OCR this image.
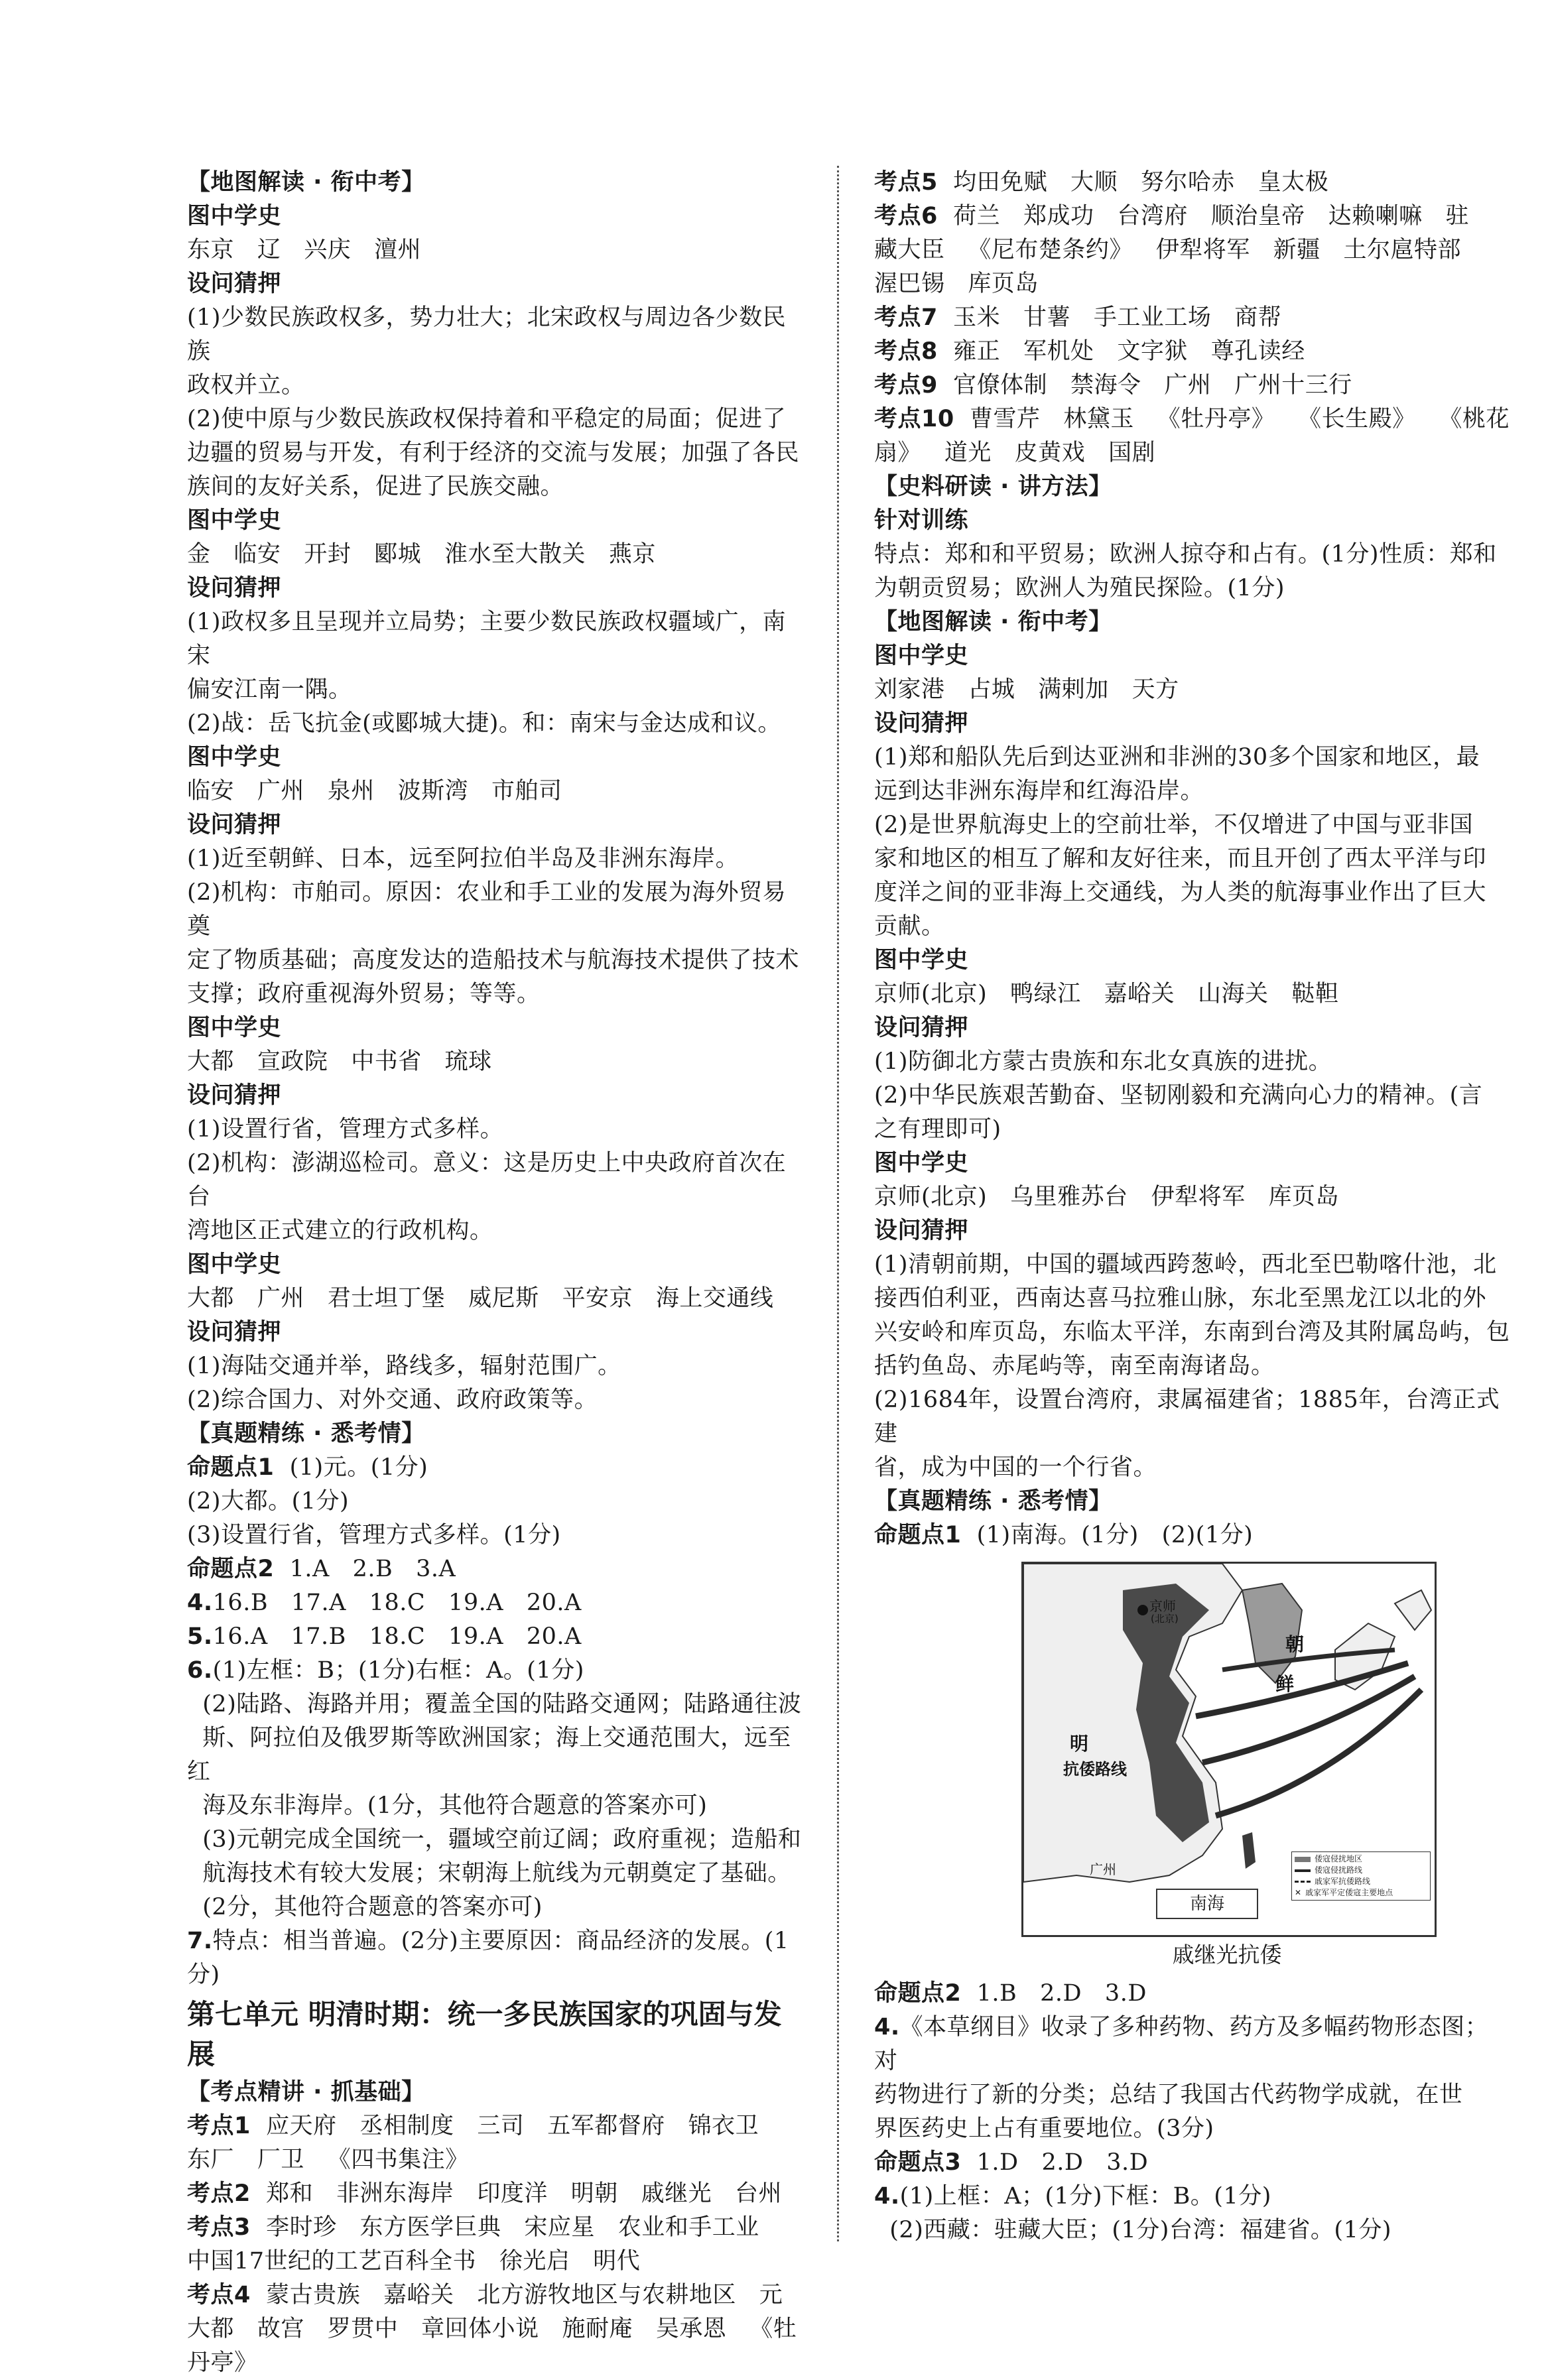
【地图解读 · 衔中考】
图中学史
东京   辽   兴庆   澶州
设问猜押
(1)少数民族政权多，势力壮大；北宋政权与周边各少数民族
政权并立。
(2)使中原与少数民族政权保持着和平稳定的局面；促进了
边疆的贸易与开发，有利于经济的交流与发展；加强了各民
族间的友好关系，促进了民族交融。
图中学史
金   临安   开封   郾城   淮水至大散关   燕京
设问猜押
(1)政权多且呈现并立局势；主要少数民族政权疆域广，南宋
偏安江南一隅。
(2)战：岳飞抗金(或郾城大捷)。和：南宋与金达成和议。
图中学史
临安   广州   泉州   波斯湾   市舶司
设问猜押
(1)近至朝鲜、日本，远至阿拉伯半岛及非洲东海岸。
(2)机构：市舶司。原因：农业和手工业的发展为海外贸易奠
定了物质基础；高度发达的造船技术与航海技术提供了技术
支撑；政府重视海外贸易；等等。
图中学史
大都   宣政院   中书省   琉球
设问猜押
(1)设置行省，管理方式多样。
(2)机构：澎湖巡检司。意义：这是历史上中央政府首次在台
湾地区正式建立的行政机构。
图中学史
大都   广州   君士坦丁堡   威尼斯   平安京   海上交通线
设问猜押
(1)海陆交通并举，路线多，辐射范围广。
(2)综合国力、对外交通、政府政策等。
【真题精练 · 悉考情】
命题点1  (1)元。(1分)
(2)大都。(1分)
(3)设置行省，管理方式多样。(1分)
命题点2  1.A   2.B   3.A
4.16.B   17.A   18.C   19.A   20.A
5.16.A   17.B   18.C   19.A   20.A
6.(1)左框：B；(1分)右框：A。(1分)
(2)陆路、海路并用；覆盖全国的陆路交通网；陆路通往波
斯、阿拉伯及俄罗斯等欧洲国家；海上交通范围大，远至红
海及东非海岸。(1分，其他符合题意的答案亦可)
(3)元朝完成全国统一，疆域空前辽阔；政府重视；造船和
航海技术有较大发展；宋朝海上航线为元朝奠定了基础。
(2分，其他符合题意的答案亦可)
7.特点：相当普遍。(2分)主要原因：商品经济的发展。(1分)
第七单元 明清时期：统一多民族国家的巩固与发展
【考点精讲 · 抓基础】
考点1  应天府   丞相制度   三司   五军都督府   锦衣卫
东厂   厂卫   《四书集注》
考点2  郑和   非洲东海岸   印度洋   明朝   戚继光   台州
考点3  李时珍   东方医学巨典   宋应星   农业和手工业
中国17世纪的工艺百科全书   徐光启   明代
考点4  蒙古贵族   嘉峪关   北方游牧地区与农耕地区   元
大都   故宫   罗贯中   章回体小说   施耐庵   吴承恩   《牡
丹亭》
考点5  均田免赋   大顺   努尔哈赤   皇太极
考点6  荷兰   郑成功   台湾府   顺治皇帝   达赖喇嘛   驻
藏大臣   《尼布楚条约》   伊犁将军   新疆   土尔扈特部
渥巴锡   库页岛
考点7  玉米   甘薯   手工业工场   商帮
考点8  雍正   军机处   文字狱   尊孔读经
考点9  官僚体制   禁海令   广州   广州十三行
考点10  曹雪芹   林黛玉   《牡丹亭》   《长生殿》   《桃花
扇》   道光   皮黄戏   国剧
【史料研读 · 讲方法】
针对训练
特点：郑和和平贸易；欧洲人掠夺和占有。(1分)性质：郑和
为朝贡贸易；欧洲人为殖民探险。(1分)
【地图解读 · 衔中考】
图中学史
刘家港   占城   满剌加   天方
设问猜押
(1)郑和船队先后到达亚洲和非洲的30多个国家和地区，最
远到达非洲东海岸和红海沿岸。
(2)是世界航海史上的空前壮举，不仅增进了中国与亚非国
家和地区的相互了解和友好往来，而且开创了西太平洋与印
度洋之间的亚非海上交通线，为人类的航海事业作出了巨大
贡献。
图中学史
京师(北京)   鸭绿江   嘉峪关   山海关   鞑靼
设问猜押
(1)防御北方蒙古贵族和东北女真族的进扰。
(2)中华民族艰苦勤奋、坚韧刚毅和充满向心力的精神。(言
之有理即可)
图中学史
京师(北京)   乌里雅苏台   伊犁将军   库页岛
设问猜押
(1)清朝前期，中国的疆域西跨葱岭，西北至巴勒喀什池，北
接西伯利亚，西南达喜马拉雅山脉，东北至黑龙江以北的外
兴安岭和库页岛，东临太平洋，东南到台湾及其附属岛屿，包
括钓鱼岛、赤尾屿等，南至南海诸岛。
(2)1684年，设置台湾府，隶属福建省；1885年，台湾正式建
省，成为中国的一个行省。
【真题精练 · 悉考情】
命题点1  (1)南海。(1分)   (2)(1分)
京师
(北京)
朝
鲜
明
抗倭路线
广州
南海
倭寇侵扰地区
倭寇侵扰路线
戚家军抗倭路线
✕ 戚家军平定倭寇主要地点
戚继光抗倭
命题点2  1.B   2.D   3.D
4.《本草纲目》收录了多种药物、药方及多幅药物形态图；对
药物进行了新的分类；总结了我国古代药物学成就，在世
界医药史上占有重要地位。(3分)
命题点3  1.D   2.D   3.D
4.(1)上框：A；(1分)下框：B。(1分)
(2)西藏：驻藏大臣；(1分)台湾：福建省。(1分)
